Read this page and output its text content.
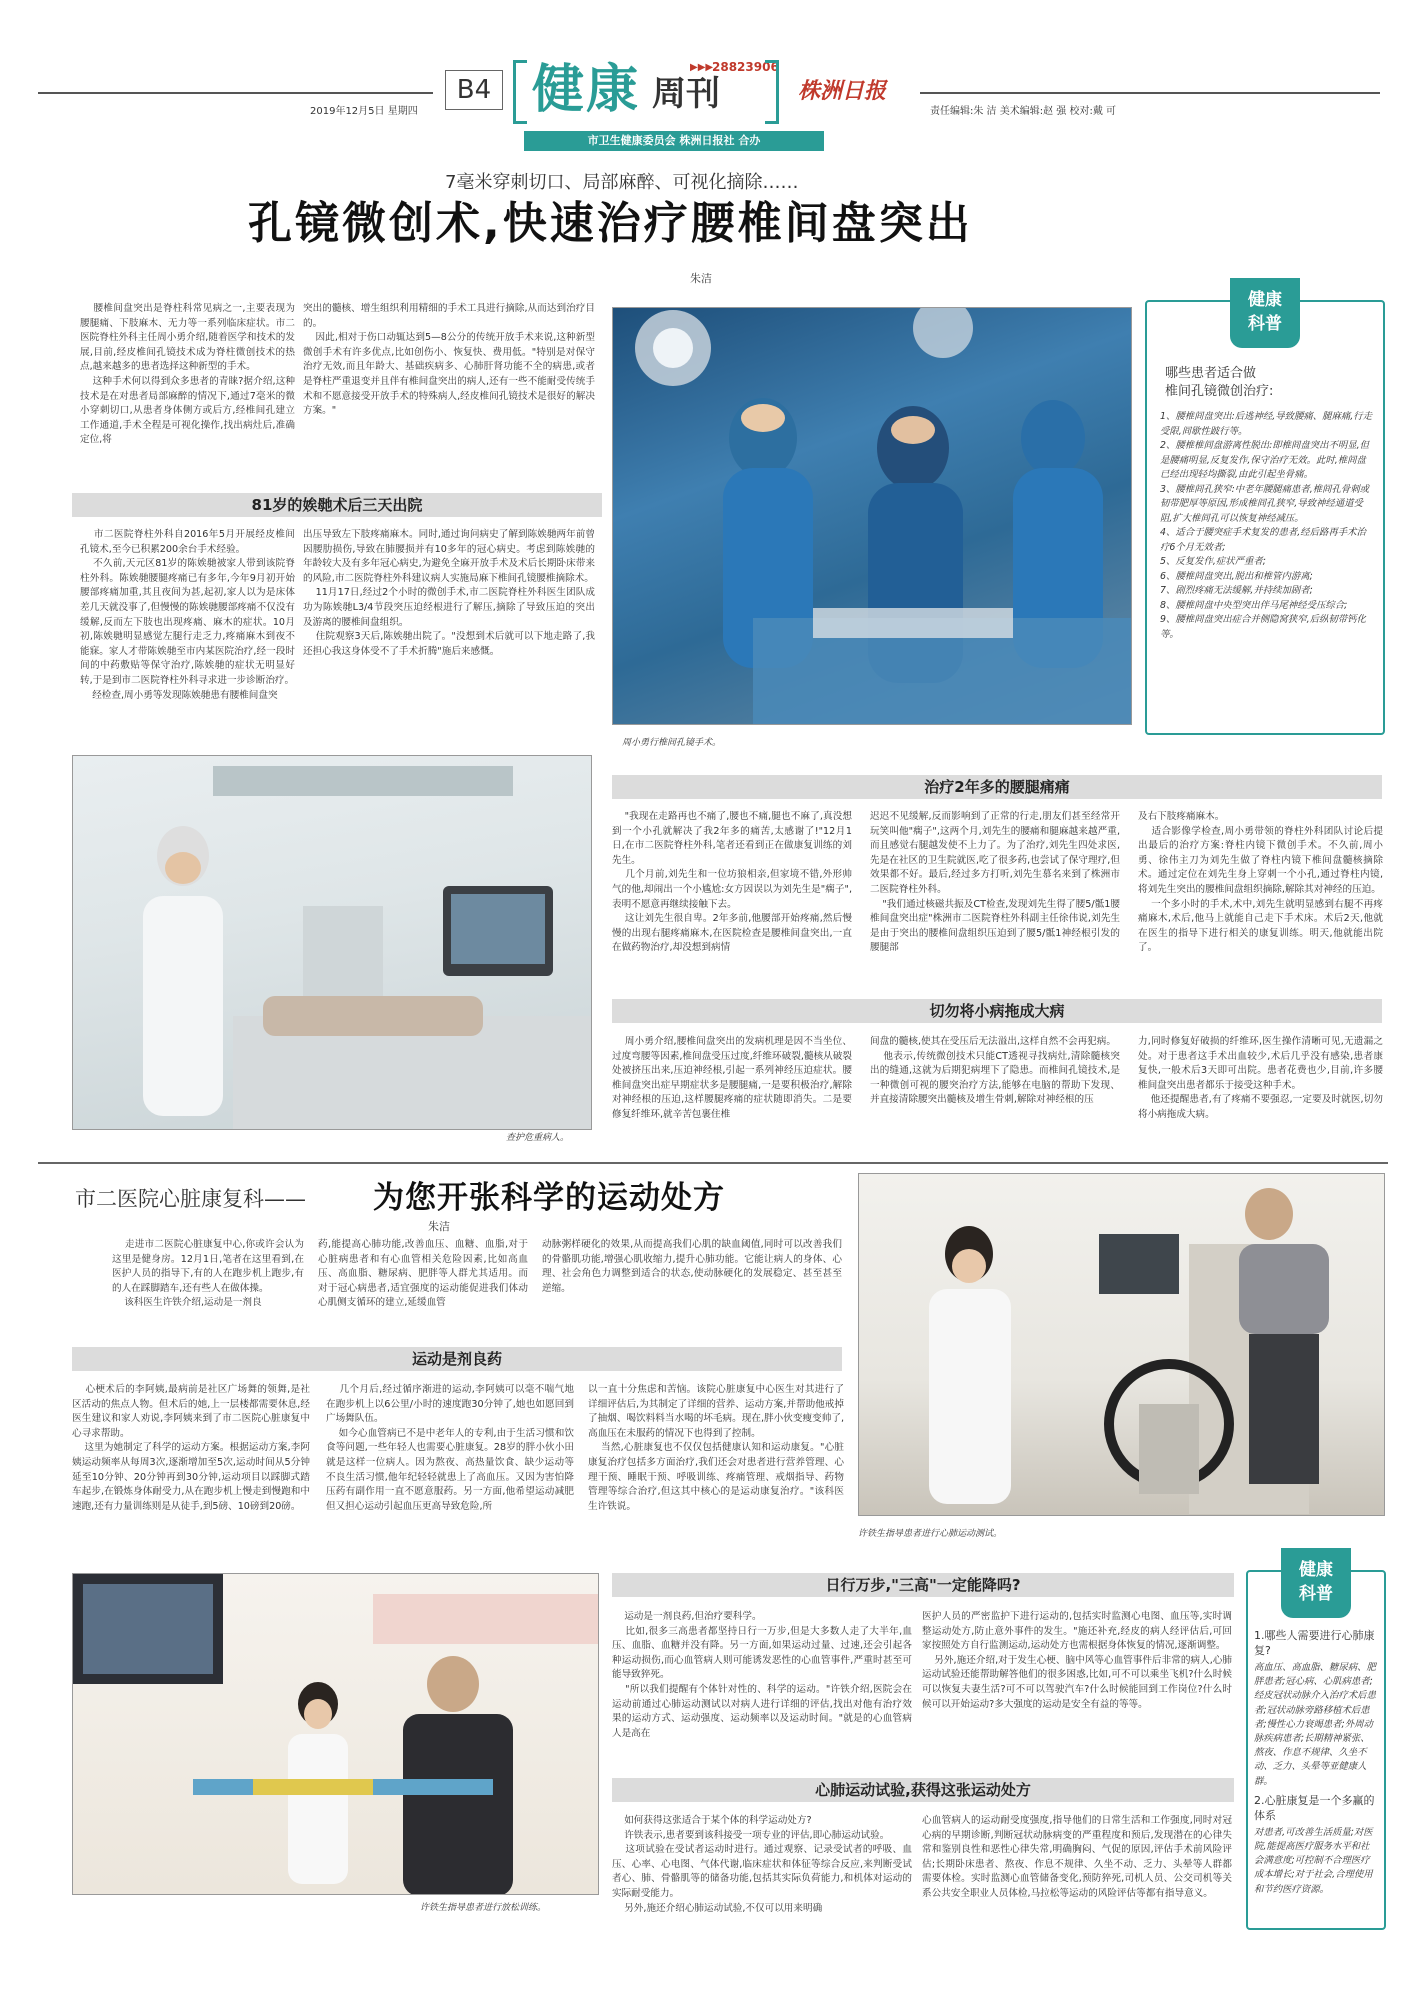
B4 健康 周刊
▶▶▶
28823906
株洲日报
2019年12月5日 星期四	责任编辑:朱 洁 美术编辑:赵 强 校对:戴 可
市卫生健康委员会 株洲日报社 合办
7毫米穿刺切口、局部麻醉、可视化摘除……
孔镜微创术,快速治疗腰椎间盘突出
朱洁
腰椎间盘突出是脊柱科常见病之一,主要表现为腰腿痛、下肢麻木、无力等一系列临床症状。市二医院脊柱外科主任周小勇介绍,随着医学和技术的发展,目前,经皮椎间孔镜技术成为脊柱微创技术的热点,越来越多的患者选择这种新型的手术。
这种手术何以得到众多患者的青睐?据介绍,这种技术是在对患者局部麻醉的情况下,通过7毫米的微小穿刺切口,从患者身体侧方或后方,经椎间孔建立工作通道,手术全程是可视化操作,找出病灶后,准确定位,将
突出的髓核、增生组织利用精细的手术工具进行摘除,从而达到治疗目的。
因此,相对于伤口动辄达到5—8公分的传统开放手术来说,这种新型微创手术有许多优点,比如创伤小、恢复快、费用低。"特别是对保守治疗无效,而且年龄大、基础疾病多、心肺肝肾功能不全的病患,或者是脊柱严重退变并且伴有椎间盘突出的病人,还有一些不能耐受传统手术和不愿意接受开放手术的特殊病人,经皮椎间孔镜技术是很好的解决方案。"
周小勇行椎间孔镜手术。
健康
科普
哪些患者适合做
椎间孔镜微创治疗:
1、腰椎间盘突出:后逃神经,导致腰痛、腿麻痛,行走受限,间歇性跛行等。
2、腰椎椎间盘游离性脱出:即椎间盘突出不明显,但是腰痛明显,反复发作,保守治疗无效。此时,椎间盘已经出现轻均撕裂,由此引起坐骨痛。
3、腰椎间孔狭窄:中老年腰腿痛患者,椎间孔骨刺或韧带肥厚等原因,形成椎间孔狭窄,导致神经通道受阻,扩大椎间孔可以恢复神经减压。
4、适合于腰突症手术复发的患者,经后路再手术治疗6个月无效者;
5、反复发作,症状严重者;
6、腰椎间盘突出,脱出和椎管内游离;
7、剧烈疼痛无法缓解,并持续加剧者;
8、腰椎间盘中央型突出伴马尾神经受压综合;
9、腰椎间盘突出症合并侧隐窝狭窄,后纵韧带钙化等。
81岁的娭毑术后三天出院
市二医院脊柱外科自2016年5月开展经皮椎间孔镜术,至今已积累200余台手术经验。
不久前,天元区81岁的陈娭毑被家人带到该院脊柱外科。陈娭毑腰腿疼痛已有多年,今年9月初开始腰部疼痛加重,其且夜间为甚,起初,家人以为是床体差几天就没事了,但慢慢的陈娭毑腰部疼痛不仅没有缓解,反而左下肢也出现疼痛、麻木的症状。10月初,陈娭毑明显感觉左腿行走乏力,疼痛麻木到夜不能寐。家人才带陈娭毑至市内某医院治疗,经一段时间的中药敷贴等保守治疗,陈娭毑的症状无明显好转,于是到市二医院脊柱外科寻求进一步诊断治疗。
经检查,周小勇等发现陈娭毑患有腰椎间盘突
出压导致左下肢疼痛麻木。同时,通过询问病史了解到陈娭毑两年前曾因腰肋损伤,导致在肺腰损并有10多年的冠心病史。考虑到陈娭毑的年龄较大及有多年冠心病史,为避免全麻开放手术及术后长期卧床带来的风险,市二医院脊柱外科建议病人实施局麻下椎间孔镜腰椎摘除术。
11月17日,经过2个小时的微创手术,市二医院脊柱外科医生团队成功为陈娭毑L3/4节段突压迫经根进行了解压,摘除了导致压迫的突出及游离的腰椎间盘组织。
住院观察3天后,陈娭毑出院了。"没想到术后就可以下地走路了,我还担心我这身体受不了手术折腾"施后来感慨。
查护危重病人。
治疗2年多的腰腿痛痛
"我现在走路再也不痛了,腰也不痛,腿也不麻了,真没想到一个小孔就解决了我2年多的痛苦,太感谢了!"12月1日,在市二医院脊柱外科,笔者还看到正在做康复训练的刘先生。
几个月前,刘先生和一位坊狼相亲,但家境不错,外形帅气的他,却闹出一个小尴尬:女方因误以为刘先生是"瘸子",表明不愿意再继续接触下去。
这让刘先生很自卑。2年多前,他腰部开始疼痛,然后慢慢的出现右腿疼痛麻木,在医院检查是腰椎间盘突出,一直在做药物治疗,却没想到病情
迟迟不见缓解,反而影响到了正常的行走,朋友们甚至经常开玩笑叫他"瘸子",这两个月,刘先生的腰痛和腿麻越来越严重,而且感觉右腿越发使不上力了。为了治疗,刘先生四处求医,先是在社区的卫生院就医,吃了很多药,也尝试了保守理疗,但效果都不好。最后,经过多方打听,刘先生慕名来到了株洲市二医院脊柱外科。
"我们通过核磁共振及CT检查,发现刘先生得了腰5/骶1腰椎间盘突出症"株洲市二医院脊柱外科副主任徐伟说,刘先生是由于突出的腰椎间盘组织压迫到了腰5/骶1神经根引发的腰腿部
及右下肢疼痛麻木。
适合影像学检查,周小勇带领的脊柱外科团队讨论后提出最后的治疗方案:脊柱内镜下微创手术。不久前,周小勇、徐伟主刀为刘先生做了脊柱内镜下椎间盘髓核摘除术。通过定位在刘先生身上穿刺一个小孔,通过脊柱内镜,将刘先生突出的腰椎间盘组织摘除,解除其对神经的压迫。
一个多小时的手术,术中,刘先生就明显感到右腿不再疼痛麻木,术后,他马上就能自己走下手术床。术后2天,他就在医生的指导下进行相关的康复训练。明天,他就能出院了。
切勿将小病拖成大病
周小勇介绍,腰椎间盘突出的发病机理是因不当坐位、过度弯腰等因素,椎间盘受压过度,纤维环破裂,髓核从破裂处被挤压出来,压迫神经根,引起一系列神经压迫症状。腰椎间盘突出症早期症状多是腰腿痛,一是要积极治疗,解除对神经根的压迫,这样腰腿疼痛的症状随即消失。二是要修复纤维环,就辛苦包裹住椎
间盘的髓核,使其在受压后无法溢出,这样自然不会再犯病。
他表示,传统微创技术只能CT透视寻找病灶,清除髓核突出的缝通,这就为后期犯病埋下了隐患。而椎间孔镜技术,是一种微创可视的腰突治疗方法,能够在电脑的帮助下发现、并直接清除腰突出髓核及增生骨刺,解除对神经根的压
力,同时修复好破损的纤维环,医生操作清晰可见,无遗漏之处。对于患者这手术出血较少,术后几乎没有感染,患者康复快,一般术后3天即可出院。患者花费也少,目前,许多腰椎间盘突出患者都乐于接受这种手术。
他还提醒患者,有了疼痛不要强忍,一定要及时就医,切勿将小病拖成大病。
市二医院心脏康复科—— 为您开张科学的运动处方
朱洁
走进市二医院心脏康复中心,你或许会认为这里是健身房。12月1日,笔者在这里看到,在医护人员的指导下,有的人在跑步机上跑步,有的人在踩脚踏车,还有些人在做体操。
该科医生许铁介绍,运动是一剂良
药,能提高心肺功能,改善血压、血糖、血脂,对于心脏病患者和有心血管相关危险因素,比如高血压、高血脂、糖尿病、肥胖等人群尤其适用。而对于冠心病患者,适宜强度的运动能促进我们体动心肌侧支循环的建立,延缓血管
动脉粥样硬化的效果,从而提高我们心肌的缺血阈值,同时可以改善我们的骨骼肌功能,增强心肌收缩力,提升心肺功能。它能让病人的身体、心理、社会角色力调整到适合的状态,使动脉硬化的发展稳定、甚至甚至逆缩。
许铁生指导患者进行心肺运动测试。
运动是剂良药
心梗术后的李阿姨,最病前是社区广场舞的领舞,是社区活动的焦点人物。但术后的她,上一层楼都需要休息,经医生建议和家人劝说,李阿姨来到了市二医院心脏康复中心寻求帮助。
这里为她制定了科学的运动方案。根据运动方案,李阿姨运动频率从每周3次,逐渐增加至5次,运动时间从5分钟延至10分钟、20分钟再到30分钟,运动项目以踩脚式踏车起步,在锻炼身体耐受力,从在跑步机上慢走到慢跑和中速跑,还有力量训练则是从徒手,到5磅、10磅到20磅。
几个月后,经过循序渐进的运动,李阿姨可以毫不喘气地在跑步机上以6公里/小时的速度跑30分钟了,她也如愿回到广场舞队伍。
如今心血管病已不是中老年人的专利,由于生活习惯和饮食等问题,一些年轻人也需要心脏康复。28岁的胖小伙小田就是这样一位病人。因为熬夜、高热量饮食、缺少运动等不良生活习惯,他年纪轻轻就患上了高血压。又因为害怕降压药有副作用一直不愿意服药。另一方面,他希望运动减肥但又担心运动引起血压更高导致危险,所
以一直十分焦虑和苦恼。该院心脏康复中心医生对其进行了详细评估后,为其制定了详细的营养、运动方案,并帮助他戒掉了抽烟、喝饮料料当水喝的坏毛病。现在,胖小伙变瘦变帅了,高血压在未服药的情况下也得到了控制。
当然,心脏康复也不仅仅包括健康认知和运动康复。"心脏康复治疗包括多方面治疗,我们还会对患者进行营养管理、心理干预、睡眠干预、呼吸训练、疼痛管理、戒烟指导、药物管理等综合治疗,但这其中核心的是运动康复治疗。"该科医生许铁说。
许铁生指导患者进行放松训练。
日行万步,"三高"一定能降吗?
运动是一剂良药,但治疗要科学。
比如,很多三高患者都坚持日行一万步,但是大多数人走了大半年,血压、血脂、血糖并没有降。另一方面,如果运动过量、过速,还会引起各种运动损伤,而心血管病人则可能诱发恶性的心血管事件,严重时甚至可能导致猝死。
"所以我们提醒有个体针对性的、科学的运动。"许铁介绍,医院会在运动前通过心肺运动测试以对病人进行详细的评估,找出对他有治疗效果的运动方式、运动强度、运动频率以及运动时间。"就是的心血管病人是高在
医护人员的严密监护下进行运动的,包括实时监测心电图、血压等,实时调整运动处方,防止意外事件的发生。"施还补充,经皮的病人经评估后,可回家按照处方自行监测运动,运动处方也需根据身体恢复的情况,逐渐调整。
另外,施还介绍,对于发生心梗、脑中风等心血管事件后非常的病人,心肺运动试验还能帮助解答他们的很多困惑,比如,可不可以乘坐飞机?什么时候可以恢复夫妻生活?可不可以驾驶汽车?什么时候能回到工作岗位?什么时候可以开始运动?多大强度的运动是安全有益的等等。
心肺运动试验,获得这张运动处方
如何获得这张适合于某个体的科学运动处方?
许铁表示,患者要到该科接受一项专业的评估,即心肺运动试验。
这项试验在受试者运动时进行。通过观察、记录受试者的呼吸、血压、心率、心电图、气体代谢,临床症状和体征等综合反应,来判断受试者心、肺、骨骼肌等的储备功能,包括其实际负荷能力,和机体对运动的实际耐受能力。
另外,施还介绍心肺运动试验,不仅可以用来明确
心血管病人的运动耐受度强度,指导他们的日常生活和工作强度,同时对冠心病的早期诊断,判断冠状动脉病变的严重程度和预后,发现潜在的心律失常和鉴别良性和恶性心律失常,明确胸闷、气促的原因,评估手术前风险评估;长期卧床患者、熬夜、作息不规律、久坐不动、乏力、头晕等人群都需要体检。实时监测心血管储备变化,预防猝死,司机人员、公交司机等关系公共安全职业人员体检,马拉松等运动的风险评估等都有指导意义。
健康
科普
1.哪些人需要进行心肺康复?
高血压、高血脂、糖尿病、肥胖患者;冠心病、心肌病患者;经皮冠状动脉介入治疗术后患者;冠状动脉旁路移植术后患者;慢性心力衰竭患者;外周动脉疾病患者;长期精神紧张、熬夜、作息不规律、久坐不动、乏力、头晕等亚健康人群。
2.心脏康复是一个多赢的体系
对患者,可改善生活质量;对医院,能提高医疗服务水平和社会满意度;可控制不合理医疗成本增长;对于社会,合理使用和节约医疗资源。
